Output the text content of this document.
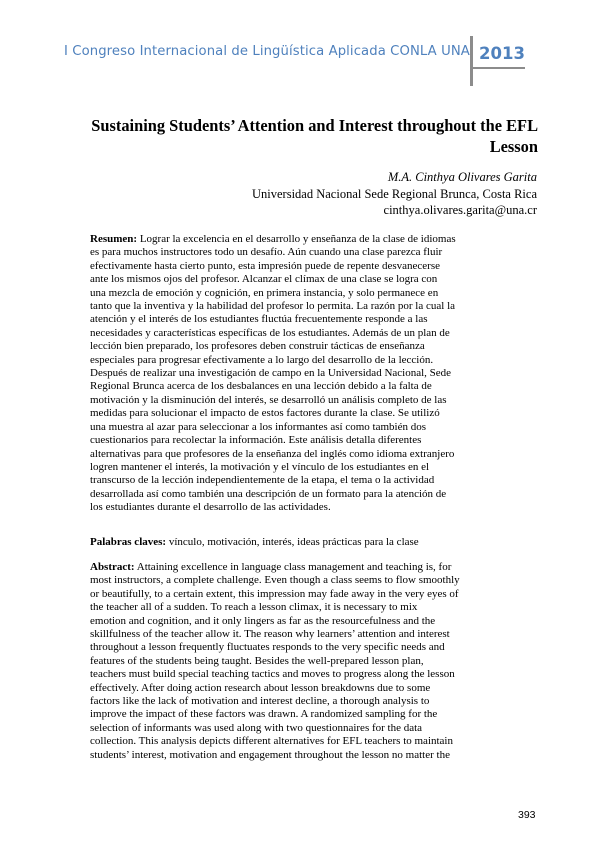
I Congreso Internacional de Lingüística Aplicada CONLA UNA 2013
Sustaining Students’ Attention and Interest throughout the EFL
Lesson
M.A. Cinthya Olivares Garita
Universidad Nacional Sede Regional Brunca, Costa Rica
cinthya.olivares.garita@una.cr
Resumen: Lograr la excelencia en el desarrollo y enseñanza de la clase de idiomas
es para muchos instructores todo un desafío. Aún cuando una clase parezca fluir
efectivamente hasta cierto punto, esta impresión puede de repente desvanecerse
ante los mismos ojos del profesor. Alcanzar el clímax de una clase se logra con
una mezcla de emoción y cognición, en primera instancia, y solo permanece en
tanto que la inventiva y la habilidad del profesor lo permita. La razón por la cual la
atención y el interés de los estudiantes fluctúa frecuentemente responde a las
necesidades y características específicas de los estudiantes. Además de un plan de
lección bien preparado, los profesores deben construir tácticas de enseñanza
especiales para progresar efectivamente a lo largo del desarrollo de la lección.
Después de realizar una investigación de campo en la Universidad Nacional, Sede
Regional Brunca acerca de los desbalances en una lección debido a la falta de
motivación y la disminución del interés, se desarrolló un análisis completo de las
medidas para solucionar el impacto de estos factores durante la clase. Se utilizó
una muestra al azar para seleccionar a los informantes así como también dos
cuestionarios para recolectar la información. Este análisis detalla diferentes
alternativas para que profesores de la enseñanza del inglés como idioma extranjero
logren mantener el interés, la motivación y el vínculo de los estudiantes en el
transcurso de la lección independientemente de la etapa, el tema o la actividad
desarrollada así como también una descripción de un formato para la atención de
los estudiantes durante el desarrollo de las actividades.
Palabras claves: vínculo, motivación, interés, ideas prácticas para la clase
Abstract: Attaining excellence in language class management and teaching is, for
most instructors, a complete challenge. Even though a class seems to flow smoothly
or beautifully, to a certain extent, this impression may fade away in the very eyes of
the teacher all of a sudden. To reach a lesson climax, it is necessary to mix
emotion and cognition, and it only lingers as far as the resourcefulness and the
skillfulness of the teacher allow it. The reason why learners’ attention and interest
throughout a lesson frequently fluctuates responds to the very specific needs and
features of the students being taught. Besides the well-prepared lesson plan,
teachers must build special teaching tactics and moves to progress along the lesson
effectively. After doing action research about lesson breakdowns due to some
factors like the lack of motivation and interest decline, a thorough analysis to
improve the impact of these factors was drawn. A randomized sampling for the
selection of informants was used along with two questionnaires for the data
collection. This analysis depicts different alternatives for EFL teachers to maintain
students’ interest, motivation and engagement throughout the lesson no matter the
393
